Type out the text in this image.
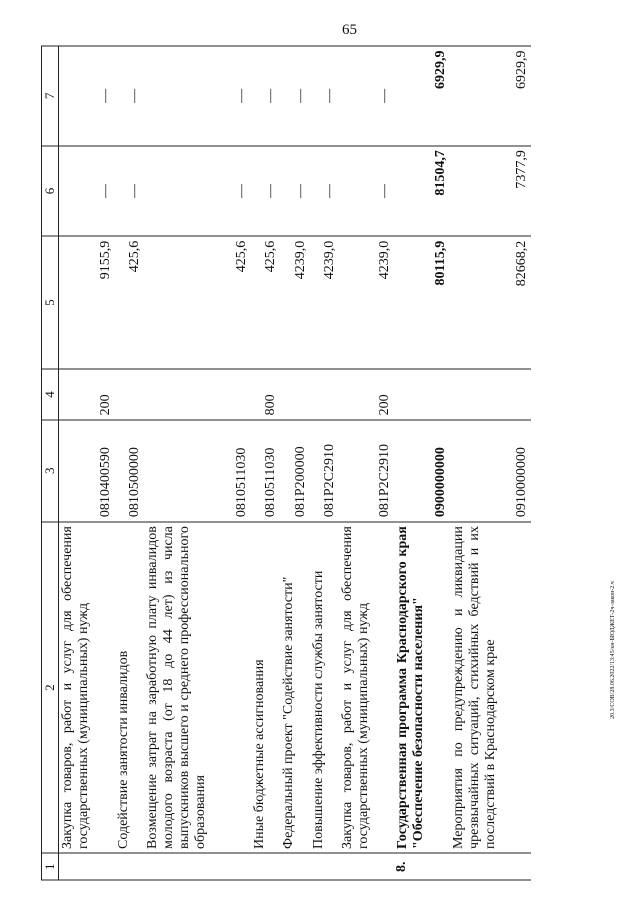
65
20.3/СОВ/28.06.2022/13:45/кн-БЮДЖЕТ-2ч-закон-2.ч
1	2	3	4	5	6	7
	Закупка товаров, работ и услуг для обеспечения государственных (муниципальных) нужд	0810400590	200	9155,9	—	—
	Содействие занятости инвалидов	0810500000		425,6	—	—
	Возмещение затрат на заработную плату инвалидов молодого возраста (от 18 до 44 лет) из числа выпускников высшего и среднего профессионального образования	0810511030		425,6	—	—
	Иные бюджетные ассигнования	0810511030	800	425,6	—	—
	Федеральный проект "Содействие занятости"	081P200000		4239,0	—	—
	Повышение эффективности службы занятости	081P2C2910		4239,0	—	—
	Закупка товаров, работ и услуг для обеспечения государственных (муниципальных) нужд	081P2C2910	200	4239,0	—	—
8.	Государственная программа Краснодарского края "Обеспечение безопасности населения"	0900000000		80115,9	81504,7	6929,9
	Мероприятия по предупреждению и ликвидации чрезвычайных ситуаций, стихийных бедствий и их последствий в Краснодарском крае	0910000000		82668,2	7377,9	6929,9
